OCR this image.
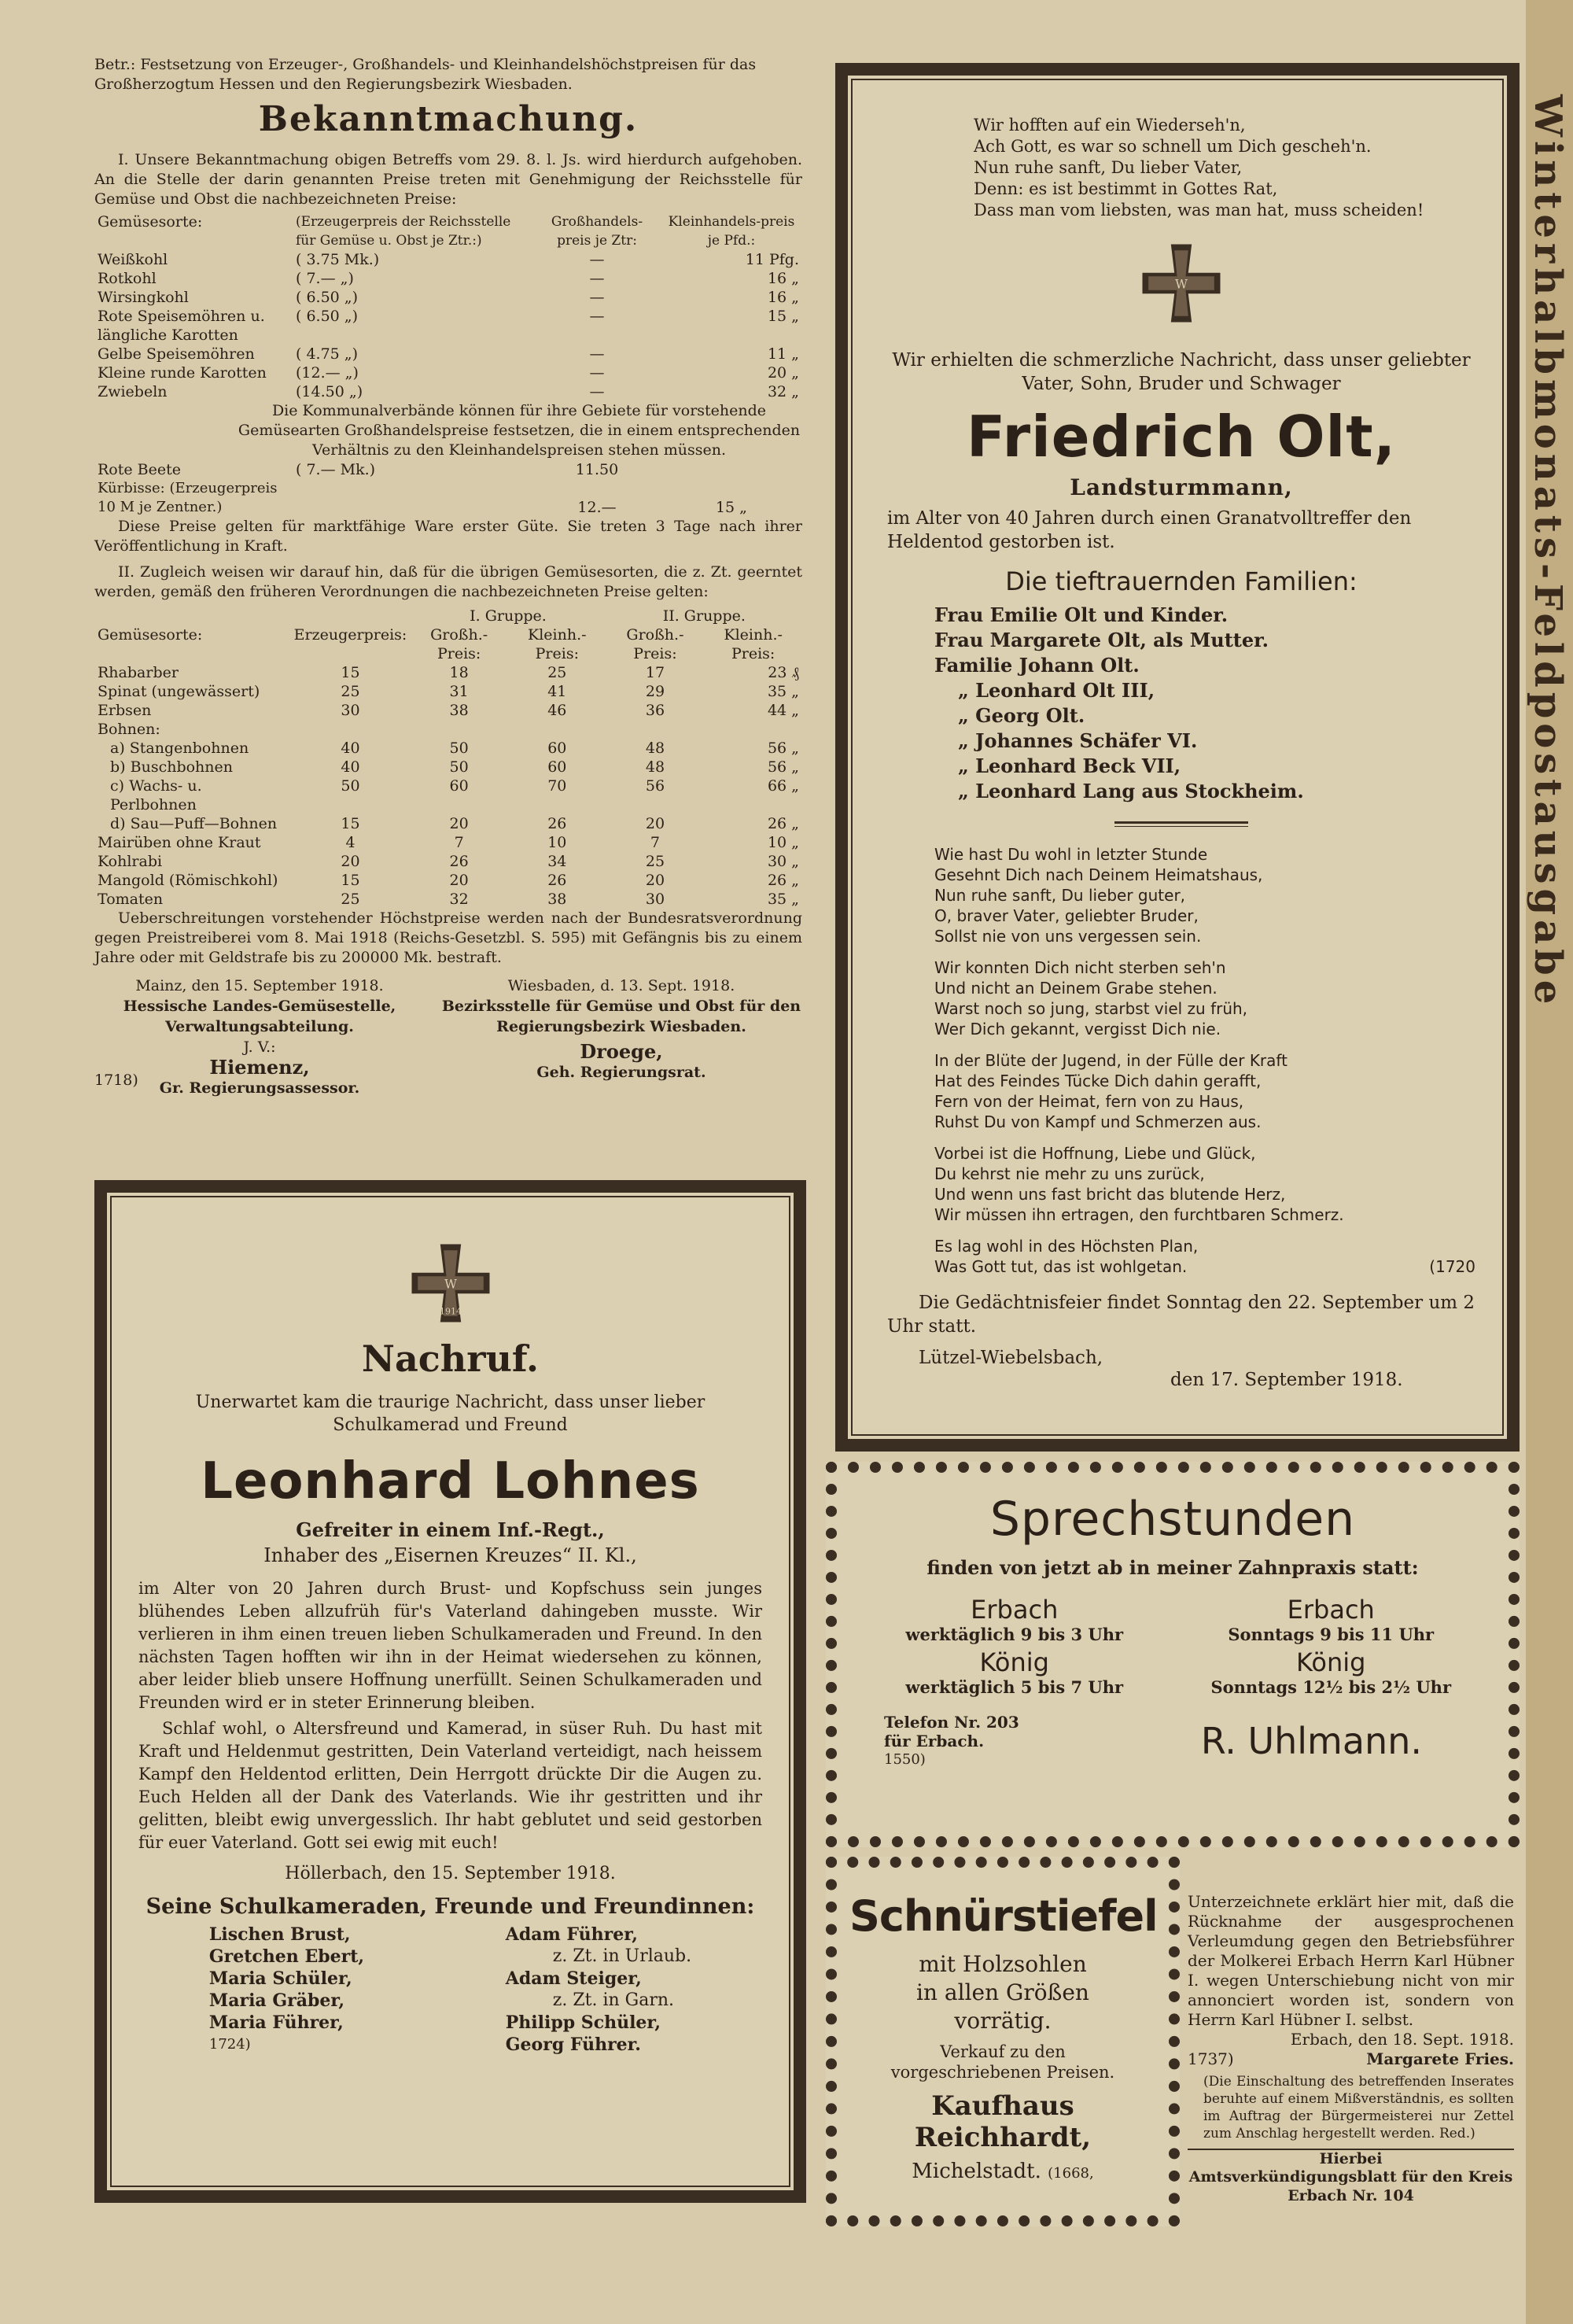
Betr.: Festsetzung von Erzeuger-, Großhandels- und Kleinhandelshöchstpreisen für das Großherzogtum Hessen und den Regierungsbezirk Wiesbaden.

Bekanntmachung.

I. Unsere Bekanntmachung obigen Betreffs vom 29. 8. l. Js. wird hierdurch aufgehoben. An die Stelle der darin genannten Preise treten mit Genehmigung der Reichsstelle für Gemüse und Obst die nachbezeichneten Preise:

Gemüsesorte:	(Erzeugerpreis der Reichsstelle für Gemüse u. Obst je Ztr.:)	Großhandels-preis je Ztr:	Kleinhandels-preis je Pfd.:
Weißkohl	( 3.75 Mk.)	—	11 Pfg.
Rotkohl	( 7.— „)	—	16 „
Wirsingkohl	( 6.50 „)	—	16 „
Rote Speisemöhren u. längliche Karotten	( 6.50 „)	—	15 „
Gelbe Speisemöhren	( 4.75 „)	—	11 „
Kleine runde Karotten	(12.— „)	—	20 „
Zwiebeln	(14.50 „)	—	32 „

Die Kommunalverbände können für ihre Gebiete für vorstehende Gemüsearten Großhandelspreise festsetzen, die in einem entsprechenden Verhältnis zu den Kleinhandelspreisen stehen müssen.

Rote Beete	( 7.— Mk.)	11.50	
Kürbisse: (Erzeugerpreis 10 M je Zentner.)		12.—	15 „

Diese Preise gelten für marktfähige Ware erster Güte. Sie treten 3 Tage nach ihrer Veröffentlichung in Kraft.

II. Zugleich weisen wir darauf hin, daß für die übrigen Gemüsesorten, die z. Zt. geerntet werden, gemäß den früheren Verordnungen die nachbezeichneten Preise gelten:

		I. Gruppe.		II. Gruppe.	
Gemüsesorte:	Erzeugerpreis:	Großh.-Preis:	Kleinh.-Preis:	Großh.-Preis:	Kleinh.-Preis:
Rhabarber	15	18	25	17	23 ₰
Spinat (ungewässert)	25	31	41	29	35 „
Erbsen	30	38	46	36	44 „
Bohnen:					
a) Stangenbohnen	40	50	60	48	56 „
b) Buschbohnen	40	50	60	48	56 „
c) Wachs- u. Perlbohnen	50	60	70	56	66 „
d) Sau—Puff—Bohnen	15	20	26	20	26 „
Mairüben ohne Kraut	4	7	10	7	10 „
Kohlrabi	20	26	34	25	30 „
Mangold (Römischkohl)	15	20	26	20	26 „
Tomaten	25	32	38	30	35 „

Ueberschreitungen vorstehender Höchstpreise werden nach der Bundesratsverordnung gegen Preistreiberei vom 8. Mai 1918 (Reichs-Gesetzbl. S. 595) mit Gefängnis bis zu einem Jahre oder mit Geldstrafe bis zu 200000 Mk. bestraft.

Mainz, den 15. September 1918.
Hessische Landes-Gemüsestelle, Verwaltungsabteilung.
J. V.:
Hiemenz,
Gr. Regierungsassessor.
1718)
Wiesbaden, d. 13. Sept. 1918.
Bezirksstelle für Gemüse und Obst für den Regierungsbezirk Wiesbaden.
Droege,
Geh. Regierungsrat.
W
1914
Nachruf.
Unerwartet kam die traurige Nachricht, dass unser lieber Schulkamerad und Freund
Leonhard Lohnes
Gefreiter in einem Inf.-Regt.,
Inhaber des „Eisernen Kreuzes“ II. Kl.,

im Alter von 20 Jahren durch Brust- und Kopfschuss sein junges blühendes Leben allzufrüh für's Vaterland dahingeben musste. Wir verlieren in ihm einen treuen lieben Schulkameraden und Freund. In den nächsten Tagen hofften wir ihn in der Heimat wiedersehen zu können, aber leider blieb unsere Hoffnung unerfüllt. Seinen Schulkameraden und Freunden wird er in steter Erinnerung bleiben.

Schlaf wohl, o Altersfreund und Kamerad, in süser Ruh. Du hast mit Kraft und Heldenmut gestritten, Dein Vaterland verteidigt, nach heissem Kampf den Heldentod erlitten, Dein Herrgott drückte Dir die Augen zu. Euch Helden all der Dank des Vaterlands. Wie ihr gestritten und ihr gelitten, bleibt ewig unvergesslich. Ihr habt geblutet und seid gestorben für euer Vaterland. Gott sei ewig mit euch!

Höllerbach, den 15. September 1918.
Seine Schulkameraden, Freunde und Freundinnen:
Lischen Brust,
Gretchen Ebert,
Maria Schüler,
Maria Gräber,
Maria Führer,
1724)
Adam Führer,
z. Zt. in Urlaub.
Adam Steiger,
z. Zt. in Garn.
Philipp Schüler,
Georg Führer.
Wir hofften auf ein Wiederseh'n,
Ach Gott, es war so schnell um Dich gescheh'n.
Nun ruhe sanft, Du lieber Vater,
Denn: es ist bestimmt in Gottes Rat,
Dass man vom liebsten, was man hat, muss scheiden!
W
Wir erhielten die schmerzliche Nachricht, dass unser geliebter Vater, Sohn, Bruder und Schwager
Friedrich Olt,
Landsturmmann,
im Alter von 40 Jahren durch einen Granatvolltreffer den Heldentod gestorben ist.
Die tieftrauernden Familien:
Frau Emilie Olt und Kinder.
Frau Margarete Olt, als Mutter.
Familie Johann Olt.
„ Leonhard Olt III,
„ Georg Olt.
„ Johannes Schäfer VI.
„ Leonhard Beck VII,
„ Leonhard Lang aus Stockheim.
Wie hast Du wohl in letzter Stunde
Gesehnt Dich nach Deinem Heimatshaus,
Nun ruhe sanft, Du lieber guter,
O, braver Vater, geliebter Bruder,
Sollst nie von uns vergessen sein.
Wir konnten Dich nicht sterben seh'n
Und nicht an Deinem Grabe stehen.
Warst noch so jung, starbst viel zu früh,
Wer Dich gekannt, vergisst Dich nie.
In der Blüte der Jugend, in der Fülle der Kraft
Hat des Feindes Tücke Dich dahin gerafft,
Fern von der Heimat, fern von zu Haus,
Ruhst Du von Kampf und Schmerzen aus.
Vorbei ist die Hoffnung, Liebe und Glück,
Du kehrst nie mehr zu uns zurück,
Und wenn uns fast bricht das blutende Herz,
Wir müssen ihn ertragen, den furchtbaren Schmerz.
Es lag wohl in des Höchsten Plan,
Was Gott tut, das ist wohlgetan.	(1720
Die Gedächtnisfeier findet Sonntag den 22. September um 2 Uhr statt.
Lützel-Wiebelsbach,
den 17. September 1918.
Sprechstunden
finden von jetzt ab in meiner Zahnpraxis statt:
Erbach
werktäglich 9 bis 3 Uhr
König
werktäglich 5 bis 7 Uhr
Erbach
Sonntags 9 bis 11 Uhr
König
Sonntags 12½ bis 2½ Uhr
Telefon Nr. 203 für Erbach.
1550)	R. Uhlmann.
Schnürstiefel
mit Holzsohlen
in allen Größen
vorrätig.
Verkauf zu den vorgeschriebenen Preisen.
Kaufhaus Reichhardt,
Michelstadt. (1668,
Unterzeichnete erklärt hier mit, daß die Rücknahme der ausgesprochenen Verleumdung gegen den Betriebsführer der Molkerei Erbach Herrn Karl Hübner I. wegen Unterschiebung nicht von mir annonciert worden ist, sondern von Herrn Karl Hübner I. selbst.
Erbach, den 18. Sept. 1918.
1737)	Margarete Fries.
(Die Einschaltung des betreffenden Inserates beruhte auf einem Mißverständnis, es sollten im Auftrag der Bürgermeisterei nur Zettel zum Anschlag hergestellt werden. Red.)
Hierbei
Amtsverkündigungsblatt für den Kreis Erbach Nr. 104
Winterhalbmonats-Feldpostausgabe
